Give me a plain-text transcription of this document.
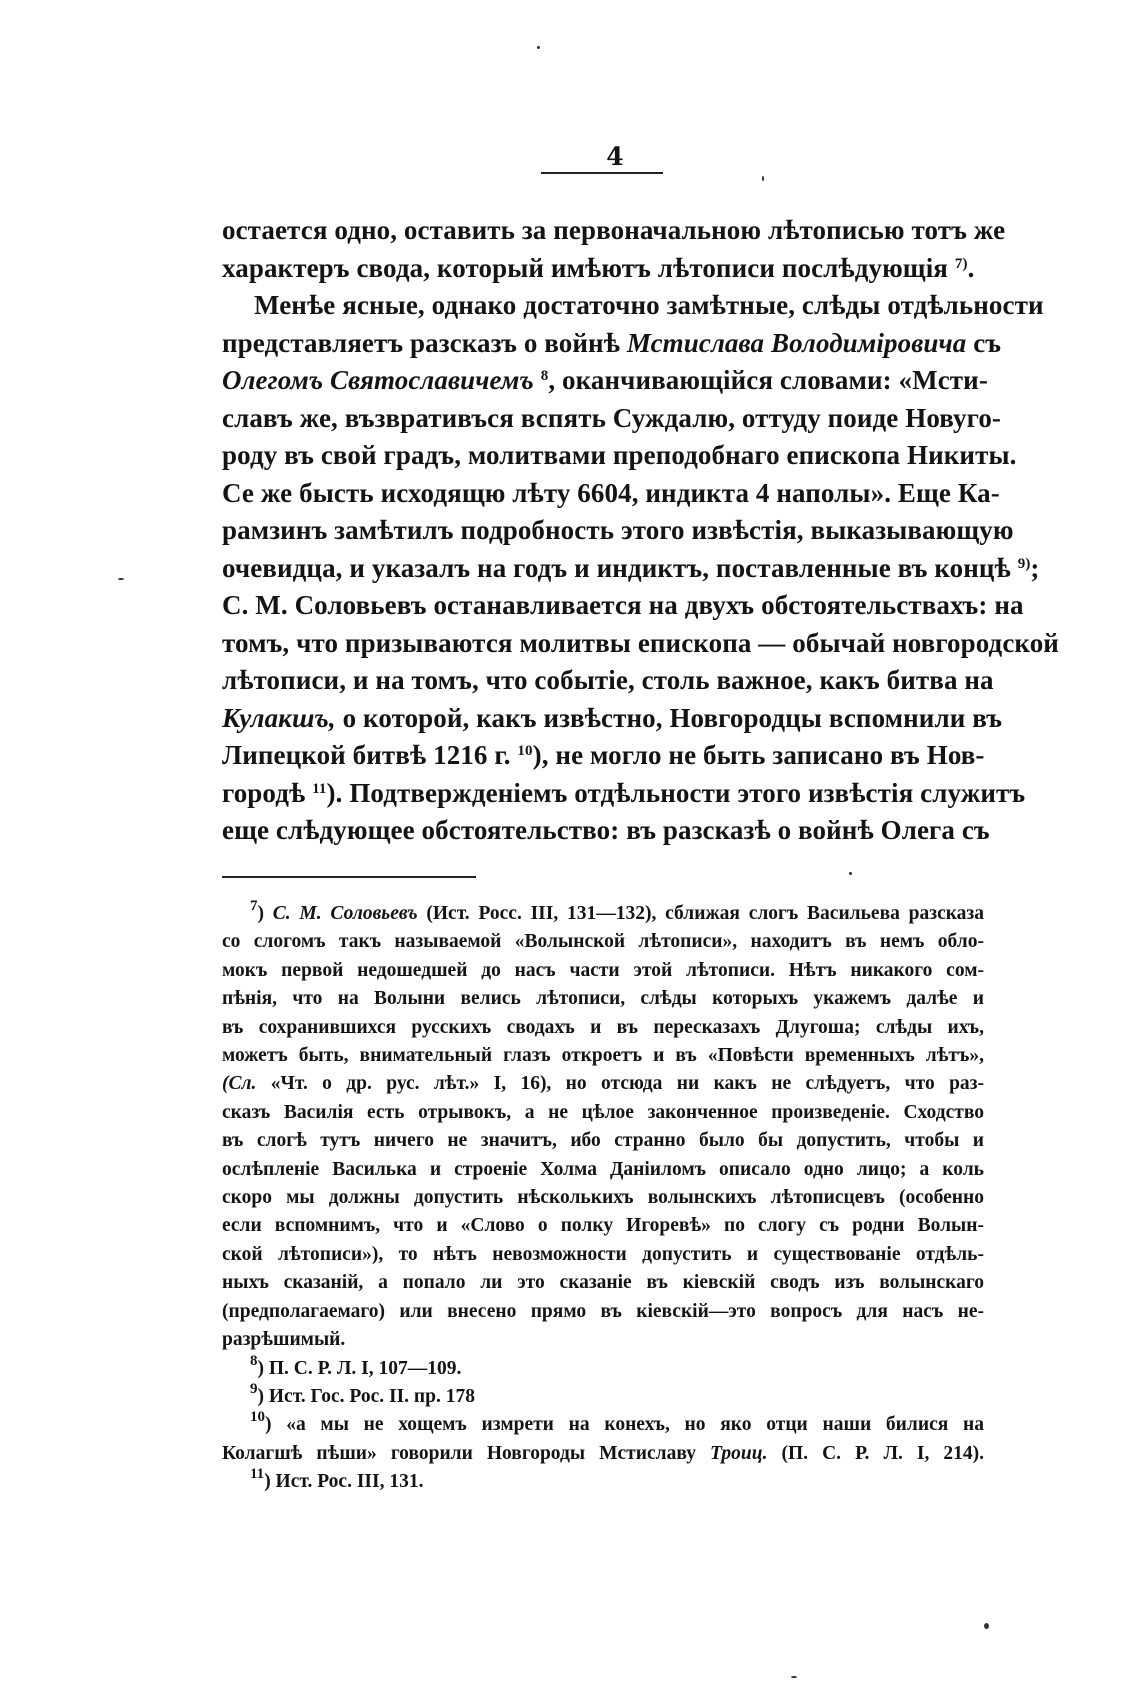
4
остается одно, оставить за первоначальною лѣтописью тотъ же
характеръ свода, который имѣютъ лѣтописи послѣдующія $^{7)}$.
Менѣе ясные, однако достаточно замѣтные, слѣды отдѣльности
представляетъ разсказъ о войнѣ Мстислава Володиміровича съ
Олегомъ Святославичемъ $^8$, оканчивающійся словами: «Мсти-
славъ же, възвративъся вспять Суждалю, оттуду поиде Новуго-
роду въ свой градъ, молитвами преподобнаго епископа Никиты.
Се же бысть исходящю лѣту 6604, индикта 4 наполы». Еще Ка-
рамзинъ замѣтилъ подробность этого извѣстія, выказывающую
очевидца, и указалъ на годъ и индиктъ, поставленные въ концѣ $^{9)}$;
С. М. Соловьевъ останавливается на двухъ обстоятельствахъ: на
томъ, что призываются молитвы епископа — обычай новгородской
лѣтописи, и на томъ, что событіе, столь важное, какъ битва на
Кулакшъ, о которой, какъ извѣстно, Новгородцы вспомнили въ
Липецкой битвѣ 1216 г. $^{10}$), не могло не быть записано въ Нов-
городѣ $^{11}$). Подтвержденіемъ отдѣльности этого извѣстія служитъ
еще слѣдующее обстоятельство: въ разсказѣ о войнѣ Олега съ
$^7$) С. М. Соловьевъ (Ист. Росс. III, 131—132), сближая слогъ Васильева разсказа
со слогомъ такъ называемой «Волынской лѣтописи», находитъ въ немъ обло-
мокъ первой недошедшей до насъ части этой лѣтописи. Нѣтъ никакого сом-
пѣнія, что на Волыни велись лѣтописи, слѣды которыхъ укажемъ далѣе и
въ сохранившихся русскихъ сводахъ и въ пересказахъ Длугоша; слѣды ихъ,
можетъ быть, внимательный глазъ откроетъ и въ «Повѣсти временныхъ лѣтъ»,
(Сл. «Чт. о др. рус. лѣт.» I, 16), но отсюда ни какъ не слѣдуетъ, что раз-
сказъ Василія есть отрывокъ, а не цѣлое законченное произведеніе. Сходство
въ слогѣ тутъ ничего не значитъ, ибо странно было бы допустить, чтобы и
ослѣпленіе Василька и строеніе Холма Даніиломъ описало одно лицо; а коль
скоро мы должны допустить нѣсколькихъ волынскихъ лѣтописцевъ (особенно
если вспомнимъ, что и «Слово о полку Игоревѣ» по слогу съ родни Волын-
ской лѣтописи»), то нѣтъ невозможности допустить и существованіе отдѣль-
ныхъ сказаній, а попало ли это сказаніе въ кіевскій сводъ изъ волынскаго
(предполагаемаго) или внесено прямо въ кіевскій—это вопросъ для насъ не-
разрѣшимый.
$^8$) П. С. Р. Л. I, 107—109.
$^9$) Ист. Гос. Рос. II. пр. 178
$^{10}$) «а мы не хощемъ измрети на конехъ, но яко отци наши билися на
Колагшѣ пѣши» говорили Новгороды Мстиславу Троиц. (П. С. Р. Л. I, 214).
$^{11}$) Ист. Рос. III, 131.
